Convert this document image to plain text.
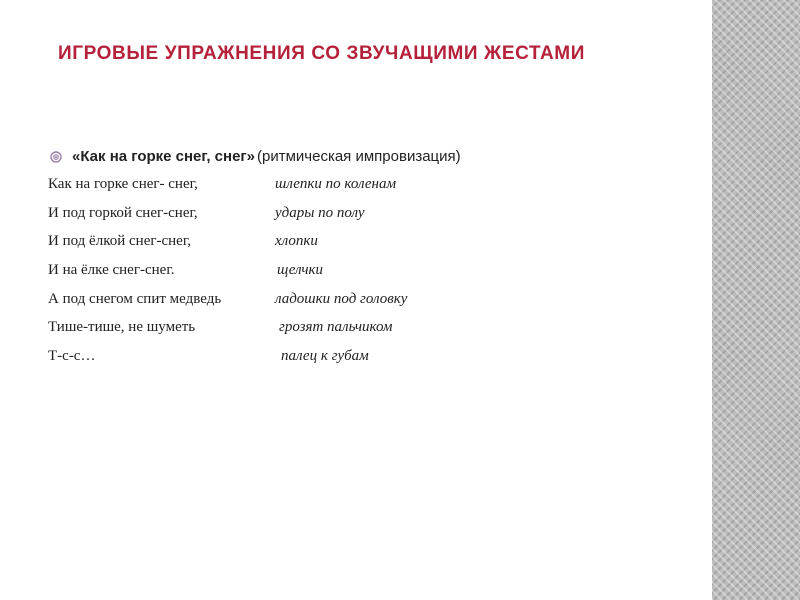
ИГРОВЫЕ УПРАЖНЕНИЯ СО ЗВУЧАЩИМИ ЖЕСТАМИ
«Как на горке снег, снег» (ритмическая импровизация)
Как на горке снег- снег,	шлепки по коленам
И под горкой снег-снег,	удары по полу
И под ёлкой снег-снег,	хлопки
И на ёлке снег-снег.	щелчки
А под снегом спит медведь	ладошки под головку
Тише-тише, не шуметь	грозят пальчиком
Т-с-с…	палец к губам
